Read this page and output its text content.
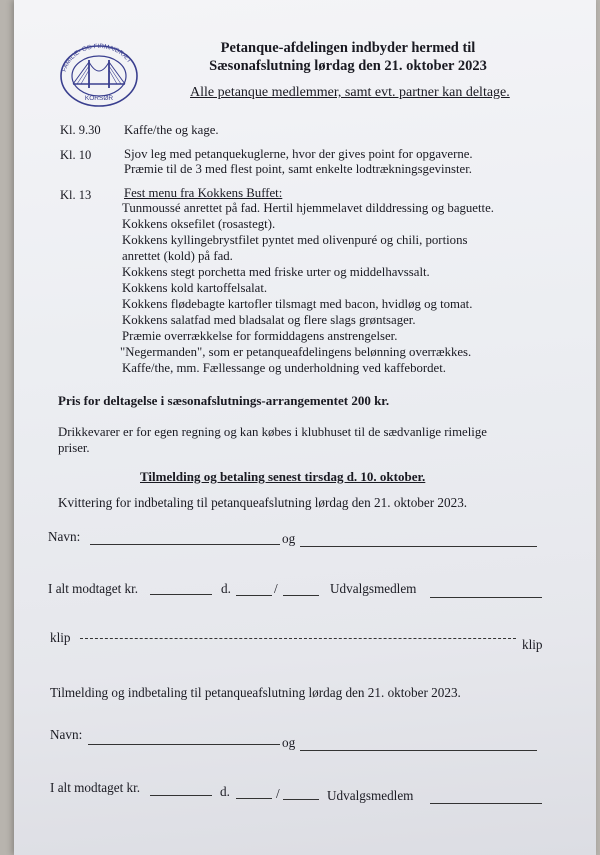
FAMILIE- OG FIRMAIDRÆT
KORSØR
Petanque-afdelingen indbyder hermed til
Sæsonafslutning lørdag den 21. oktober 2023
Alle petanque medlemmer, samt evt. partner kan deltage.
Kl. 9.30 Kaffe/the og kage.
Kl. 10	Sjov leg med petanquekuglerne, hvor der gives point for opgaverne.
Præmie til de 3 med flest point, samt enkelte lodtrækningsgevinster.
Kl. 13	Fest menu fra Kokkens Buffet:
Tunmoussé anrettet på fad. Hertil hjemmelavet dilddressing og baguette.
Kokkens oksefilet (rosastegt).
Kokkens kyllingebrystfilet pyntet med olivenpuré og chili, portions
anrettet (kold) på fad.
Kokkens stegt porchetta med friske urter og middelhavssalt.
Kokkens kold kartoffelsalat.
Kokkens flødebagte kartofler tilsmagt med bacon, hvidløg og tomat.
Kokkens salatfad med bladsalat og flere slags grøntsager.
Præmie overrækkelse for formiddagens anstrengelser.
"Negermanden", som er petanqueafdelingens belønning overrækkes.
Kaffe/the, mm. Fællessange og underholdning ved kaffebordet.
Pris for deltagelse i sæsonafslutnings-arrangementet 200 kr.
Drikkevarer er for egen regning og kan købes i klubhuset til de sædvanlige rimelige
priser.
Tilmelding og betaling senest tirsdag d. 10. oktober.
Kvittering for indbetaling til petanqueafslutning lørdag den 21. oktober 2023.
Navn:	og
I alt modtaget kr.	d.	/	Udvalgsmedlem
klip	klip
Tilmelding og indbetaling til petanqueafslutning lørdag den 21. oktober 2023.
Navn:
og
I alt modtaget kr.	d.	/	Udvalgsmedlem
